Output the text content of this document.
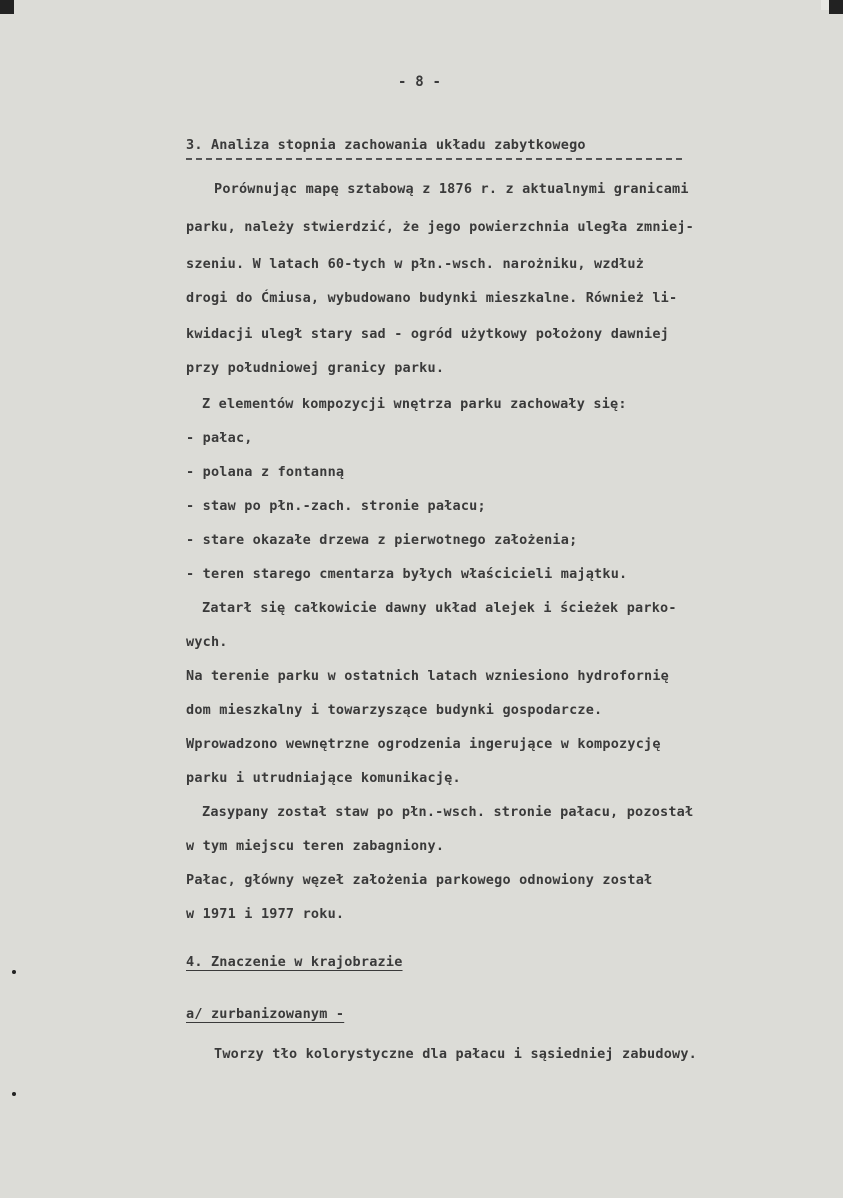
- 8 -
3. Analiza stopnia zachowania układu zabytkowego
Porównując mapę sztabową z 1876 r. z aktualnymi granicami
parku, należy stwierdzić, że jego powierzchnia uległa zmniej-
szeniu. W latach 60-tych w płn.-wsch. narożniku, wzdłuż
drogi do Ćmiusa, wybudowano budynki mieszkalne. Również li-
kwidacji uległ stary sad - ogród użytkowy położony dawniej
przy południowej granicy parku.
Z elementów kompozycji wnętrza parku zachowały się:
- pałac,
- polana z fontanną
- staw po płn.-zach. stronie pałacu;
- stare okazałe drzewa z pierwotnego założenia;
- teren starego cmentarza byłych właścicieli majątku.
Zatarł się całkowicie dawny układ alejek i ścieżek parko-
wych.
Na terenie parku w ostatnich latach wzniesiono hydrofornię
dom mieszkalny i towarzyszące budynki gospodarcze.
Wprowadzono wewnętrzne ogrodzenia ingerujące w kompozycję
parku i utrudniające komunikację.
Zasypany został staw po płn.-wsch. stronie pałacu, pozostał
w tym miejscu teren zabagniony.
Pałac, główny węzeł założenia parkowego odnowiony został
w 1971 i 1977 roku.
4. Znaczenie w krajobrazie
a/ zurbanizowanym -
Tworzy tło kolorystyczne dla pałacu i sąsiedniej zabudowy.
